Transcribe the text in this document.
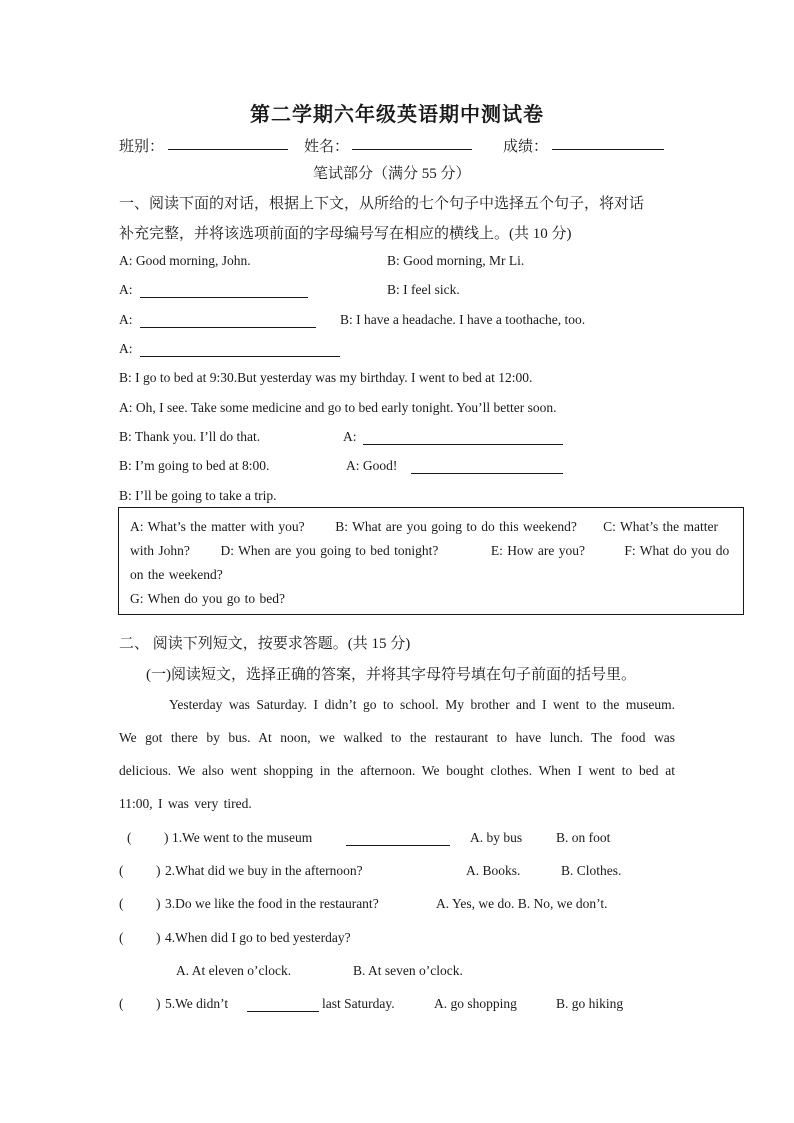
第二学期六年级英语期中测试卷
班别：	姓名：	成绩：
笔试部分（满分 55 分）
一、阅读下面的对话，根据上下文，从所给的七个句子中选择五个句子，将对话
补充完整，并将该选项前面的字母编号写在相应的横线上。(共 10 分)
A: Good morning, John.	B: Good morning, Mr Li.
A:	B: I feel sick.
A:	B: I have a headache. I have a toothache, too.
A:
B: I go to bed at 9:30.But yesterday was my birthday. I went to bed at 12:00.
A: Oh, I see. Take some medicine and go to bed early tonight. You’ll better soon.
B: Thank you. I’ll do that.	A:
B: I’m going to bed at 8:00.	A: Good!
B: I’ll be going to take a trip.
A: What’s the matter with you? B: What are you going to do this weekend? C: What’s the matter with John? D: When are you going to bed tonight?	E: How are you?	F: What do you do on the weekend?
G: When do you go to bed?
二、 阅读下列短文，按要求答题。(共 15 分)
(一)阅读短文，选择正确的答案，并将其字母符号填在句子前面的括号里。
Yesterday was Saturday. I didn’t go to school. My brother and I went to the museum. We got there by bus. At noon, we walked to the restaurant to have lunch. The food was delicious. We also went shopping in the afternoon. We bought clothes. When I went to bed at 11:00, I was very tired.
( ) 1.We went to the museum	A. by bus	B. on foot
( ) 2.What did we buy in the afternoon?	A. Books.	B. Clothes.
( ) 3.Do we like the food in the restaurant?	A. Yes, we do. B. No, we don’t.
( ) 4.When did I go to bed yesterday?
A. At eleven o’clock.	B. At seven o’clock.
( ) 5.We didn’t	last Saturday.	A. go shopping	B. go hiking
